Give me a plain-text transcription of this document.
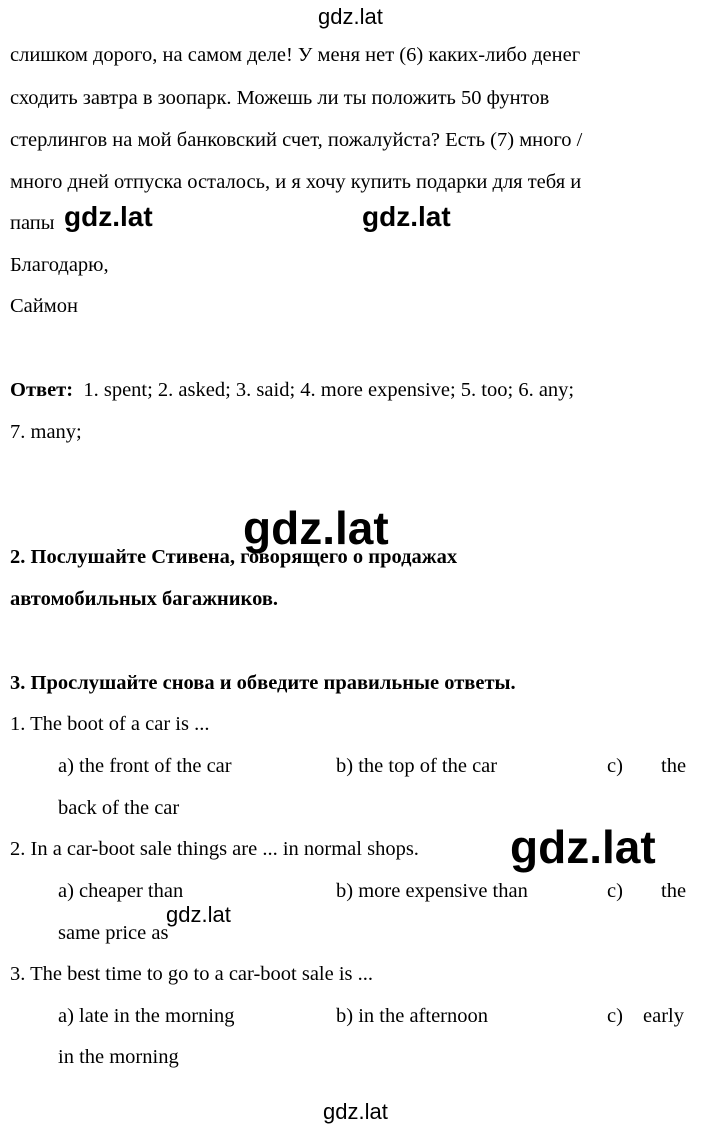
gdz.lat
gdz.lat	gdz.lat
слишком дорого, на самом деле! У меня нет (6) каких-либо денег
сходить завтра в зоопарк. Можешь ли ты положить 50 фунтов
стерлингов на мой банковский счет, пожалуйста? Есть (7) много /
много дней отпуска осталось, и я хочу купить подарки для тебя и
папы
Благодарю,
Саймон
Ответ: 1. spent; 2. asked; 3. said; 4. more expensive; 5. too; 6. any;
7. many;
gdz.lat
2. Послушайте Стивена, говорящего о продажах
автомобильных багажников.
3. Прослушайте снова и обведите правильные ответы.
1. The boot of a car is ...
a) the front of the car	b) the top of the car	c) the
back of the car
2. In a car-boot sale things are ... in normal shops. gdz.lat
a) cheaper than	b) more expensive than	c) the
gdz.lat
same price as
3. The best time to go to a car-boot sale is ...
a) late in the morning	b) in the afternoon	c) early
in the morning
gdz.lat
